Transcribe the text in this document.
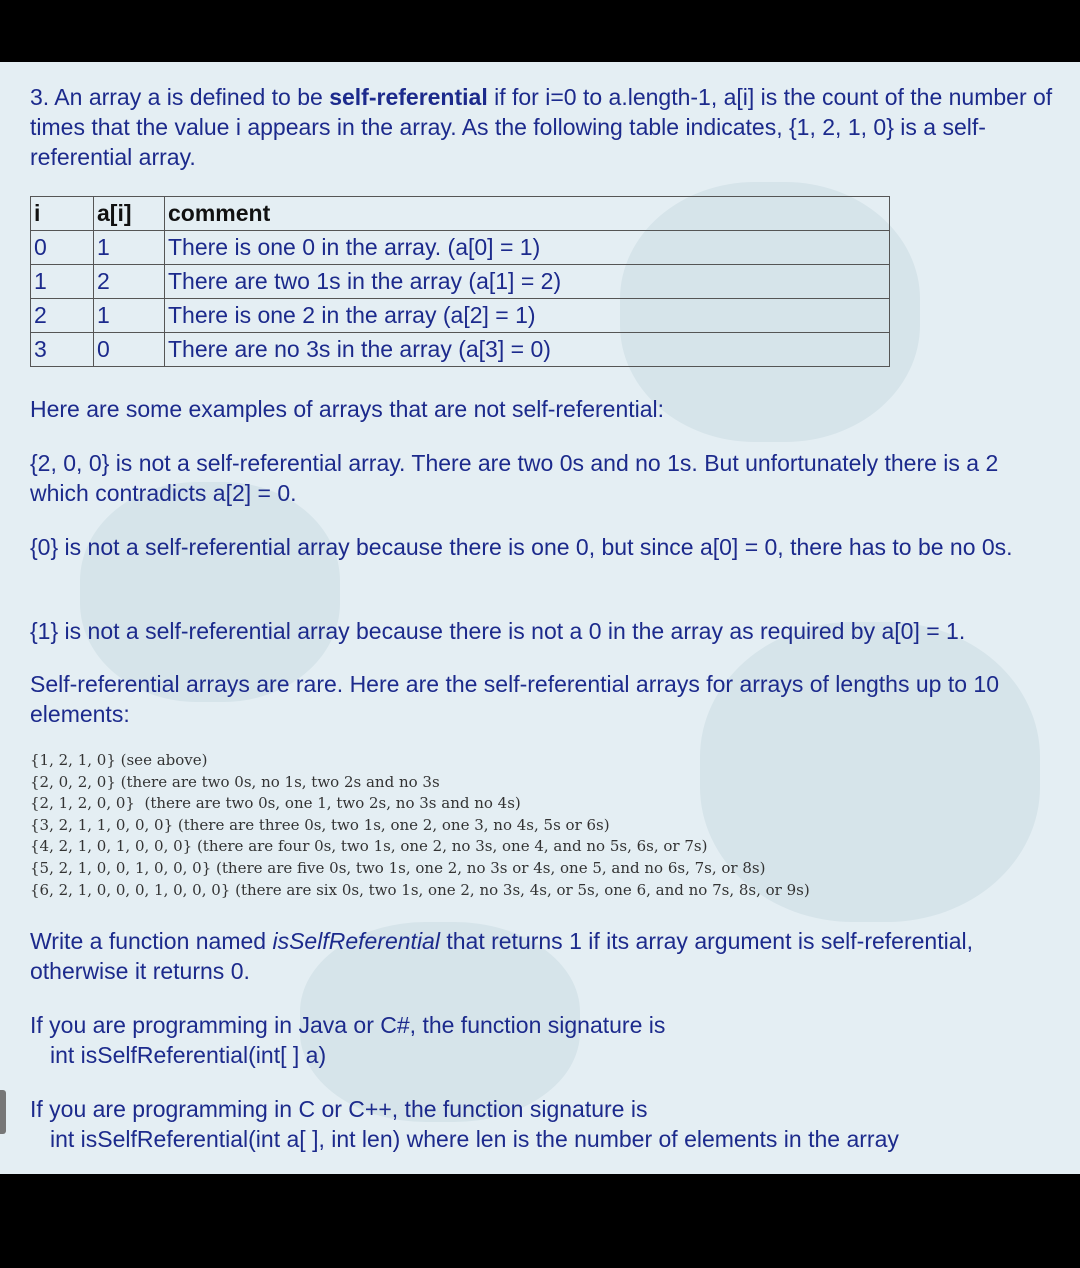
3. An array a is defined to be self-referential if for i=0 to a.length-1, a[i] is the count of the number of times that the value i appears in the array. As the following table indicates, {1, 2, 1, 0} is a self-referential array.

i	a[i]	comment
0	1	There is one 0 in the array. (a[0] = 1)
1	2	There are two 1s in the array (a[1] = 2)
2	1	There is one 2 in the array (a[2] = 1)
3	0	There are no 3s in the array (a[3] = 0)
Here are some examples of arrays that are not self-referential:
{2, 0, 0} is not a self-referential array. There are two 0s and no 1s. But unfortunately there is a 2 which contradicts a[2] = 0.
{0} is not a self-referential array because there is one 0, but since a[0] = 0, there has to be no 0s.
{1} is not a self-referential array because there is not a 0 in the array as required by a[0] = 1.
Self-referential arrays are rare. Here are the self-referential arrays for arrays of lengths up to 10 elements:
{1, 2, 1, 0} (see above)
{2, 0, 2, 0} (there are two 0s, no 1s, two 2s and no 3s
{2, 1, 2, 0, 0}  (there are two 0s, one 1, two 2s, no 3s and no 4s)
{3, 2, 1, 1, 0, 0, 0} (there are three 0s, two 1s, one 2, one 3, no 4s, 5s or 6s)
{4, 2, 1, 0, 1, 0, 0, 0} (there are four 0s, two 1s, one 2, no 3s, one 4, and no 5s, 6s, or 7s)
{5, 2, 1, 0, 0, 1, 0, 0, 0} (there are five 0s, two 1s, one 2, no 3s or 4s, one 5, and no 6s, 7s, or 8s)
{6, 2, 1, 0, 0, 0, 1, 0, 0, 0} (there are six 0s, two 1s, one 2, no 3s, 4s, or 5s, one 6, and no 7s, 8s, or 9s)
Write a function named isSelfReferential that returns 1 if its array argument is self-referential, otherwise it returns 0.
If you are programming in Java or C#, the function signature is
int isSelfReferential(int[ ] a)
If you are programming in C or C++, the function signature is
int isSelfReferential(int a[ ], int len) where len is the number of elements in the array
